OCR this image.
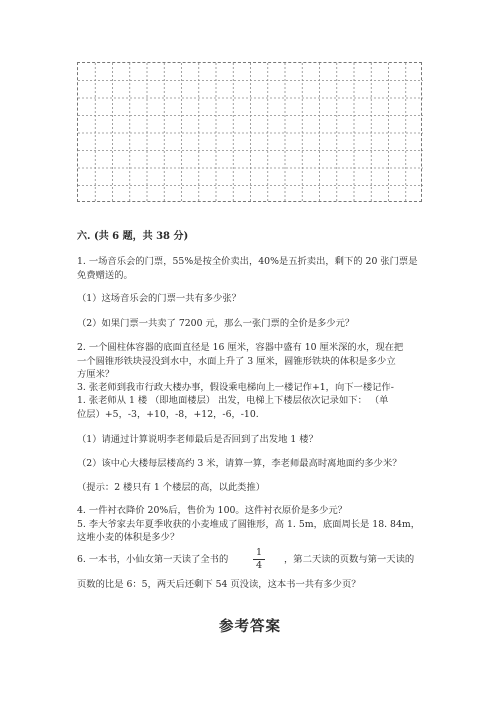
六. (共 6 题，共 38 分)
1. 一场音乐会的门票，55%是按全价卖出，40%是五折卖出，剩下的 20 张门票是
免费赠送的。
（1）这场音乐会的门票一共有多少张？
（2）如果门票一共卖了 7200 元，那么一张门票的全价是多少元？
2. 一个圆柱体容器的底面直径是 16 厘米，容器中盛有 10 厘米深的水，现在把
一个圆锥形铁块浸没到水中，水面上升了 3 厘米，圆锥形铁块的体积是多少立
方厘米？
3. 张老师到我市行政大楼办事，假设乘电梯向上一楼记作+1，向下一楼记作-
1. 张老师从 1 楼 （即地面楼层） 出发，电梯上下楼层依次记录如下： （单
位层）+5，-3，+10，-8，+12，-6，-10.
（1）请通过计算说明李老师最后是否回到了出发地 1 楼？
（2）该中心大楼每层楼高约 3 米，请算一算，李老师最高时离地面约多少米？
（提示：2 楼只有 1 个楼层的高，以此类推）
4. 一件衬衣降价 20%后，售价为 100。这件衬衣原价是多少元？
5. 李大爷家去年夏季收获的小麦堆成了圆锥形，高 1. 5m，底面周长是 18. 84m，
这堆小麦的体积是多少？
6. 一本书，小仙女第一天读了全书的
1
4
，第二天读的页数与第一天读的
页数的比是 6：5，两天后还剩下 54 页没读，这本书一共有多少页？
参考答案
